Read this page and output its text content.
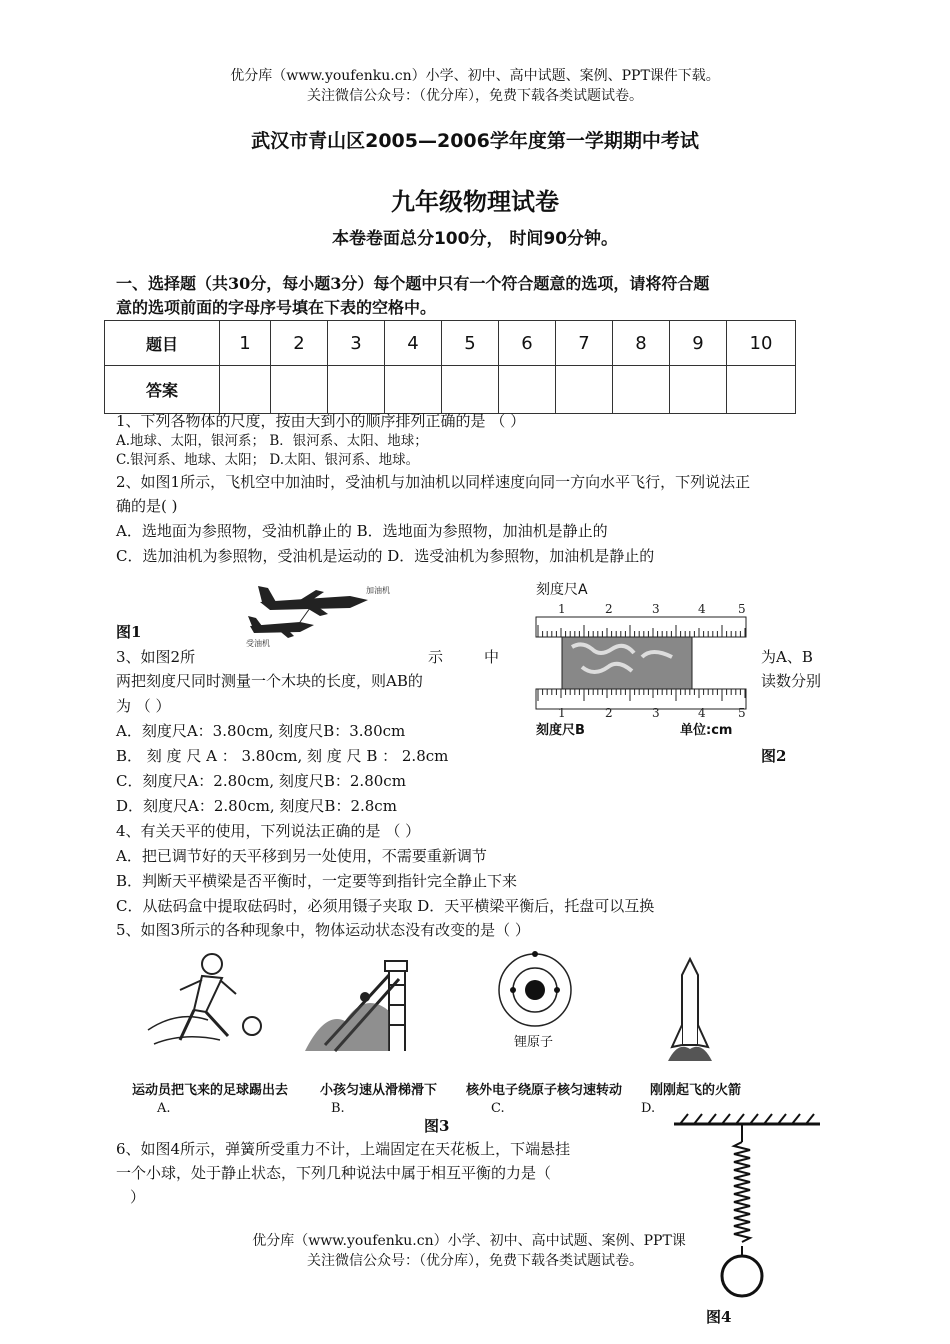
优分库（www.youfenku.cn）小学、初中、高中试题、案例、PPT课件下载。
关注微信公众号：（优分库），免费下载各类试题试卷。
武汉市青山区2005—2006学年度第一学期期中考试
九年级物理试卷
本卷卷面总分100分， 时间90分钟。
一、选择题（共30分，每小题3分）每个题中只有一个符合题意的选项，请将符合题
意的选项前面的字母序号填在下表的空格中。
题目	1	2	3	4	5	6	7	8	9	10
答案										
1、下列各物体的尺度，按由大到小的顺序排列正确的是 （ ）
A.地球、太阳，银河系； B．银河系、太阳、地球；
C.银河系、地球、太阳； D.太阳、银河系、地球。
2、如图1所示，飞机空中加油时，受油机与加油机以同样速度向同一方向水平飞行，下列说法正
确的是( )
A．选地面为参照物，受油机静止的 B．选地面为参照物，加油机是静止的
C．选加油机为参照物，受油机是运动的 D．选受油机为参照物，加油机是静止的
加油机
受油机
图1
3、如图2所	示	中	为A、B
两把刻度尺同时测量一个木块的长度，则AB的	读数分别
为 （ ）
A．刻度尺A：3.80cm, 刻度尺B：3.80cm
B． 刻 度 尺 A ： 3.80cm, 刻 度 尺 B ： 2.8cm
C．刻度尺A：2.80cm, 刻度尺B：2.80cm
D．刻度尺A：2.80cm, 刻度尺B：2.8cm
图2
刻度尺A
1	2	3	4	5
1	2	3	4	5
刻度尺B	单位:cm
4、有关天平的使用，下列说法正确的是 （ ）
A．把已调节好的天平移到另一处使用，不需要重新调节
B．判断天平横梁是否平衡时，一定要等到指针完全静止下来
C．从砝码盒中提取砝码时，必须用镊子夹取 D．天平横梁平衡后，托盘可以互换
5、如图3所示的各种现象中，物体运动状态没有改变的是（ ）
锂原子
运动员把飞来的足球踢出去 小孩匀速从滑梯滑下 核外电子绕原子核匀速转动 刚刚起飞的火箭
A.	B.	C.	D.
图3
6、如图4所示，弹簧所受重力不计，上端固定在天花板上，下端悬挂
一个小球，处于静止状态，下列几种说法中属于相互平衡的力是（
）
图4
优分库（www.youfenku.cn）小学、初中、高中试题、案例、PPT课
关注微信公众号：（优分库），免费下载各类试题试卷。
